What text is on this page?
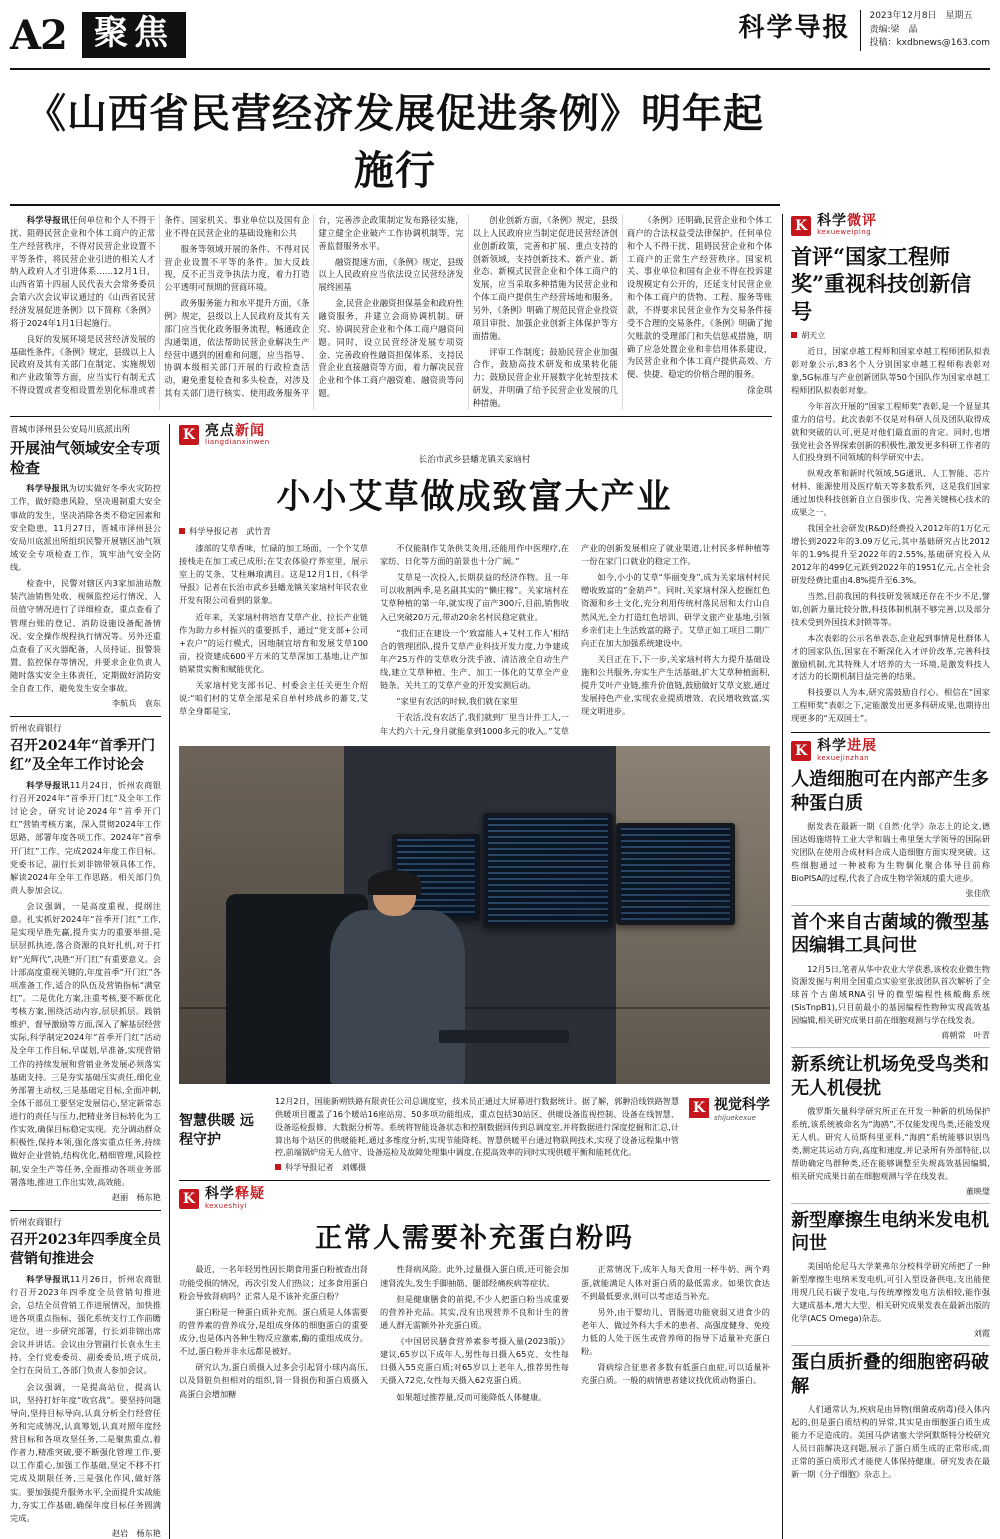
A2 聚焦	科学导报 2023年12月8日　星期五
责编:梁　晶
投稿：kxdbnews@163.com
《山西省民营经济发展促进条例》明年起施行

科学导报讯任何单位和个人不得干扰、阻碍民营企业和个体工商户的正常生产经营秩序，不得对民营企业设置不平等条件，将民营企业引进的相关人才纳入政府人才引进体系……12月1日，山西省第十四届人民代表大会常务委员会第六次会议审议通过的《山西省民营经济发展促进条例》以下简称《条例》将于2024年1月1日起施行。

良好的发展环境是民营经济发展的基础性条件。《条例》规定，县级以上人民政府及其有关部门在制定、实施规划和产业政策等方面，应当实行有制无式不得设置或者变相设置差别化标准或者条件。国家机关、事业单位以及国有企业不得在民营企业的基础设施和公共

服务等领域开展的条件、不得对民营企业设置不平等的条件。加大反歧视，反不正当竞争执法力度，着力打造公平透明可预期的营商环境。

政务服务能力和水平提升方面，《条例》规定，县级以上人民政府及其有关部门应当优化政务服务流程，畅通政企沟通渠道，依法帮助民营企业解决生产经营中遇到的困难和问题，应当指导、协调本级相关部门开展的行政检查活动，避免重复检查和多头检查，对涉及其有关部门进行核实、使用政务服务平台，完善涉企政策制定发布路径实施，建立健全企业破产工作协调机制等，完善监督服务水平。

融资提速方面，《条例》规定，县级以上人民政府应当依法设立民营经济发展终困基

金,民营企业融资担保基金和政府性融资服务，并建立会商协调机制。研究、协调民营企业和个体工商户融资问题。同时，设立民营经济发展专项资金、完善政府性融资担保体系、支持民营企业直接融资等方面，着力解决民营企业和个体工商户融资难、融资贵等问题。

创业创新方面，《条例》规定，县级以上人民政府应当制定促进民营经济创业创新政策，完善和扩展、重点支持的创新领域，支持创新技术、新产业、新业态、新模式民营企业和个体工商户的发展，应当采取多种措施为民营企业和个体工商户提供生产经营场地和服务。另外，《条例》明确了规范民营企业投资项目审批、加强企业创新主体保护等方面措施。

评审工作制度；鼓励民营企业加强合作，鼓励高技术研发和成果转化能力；鼓励民营企业开展数字化转型技术研发，并明确了给予民营企业发展的几种措施。

《条例》还明确,民营企业和个体工商户的合法权益受法律保护。任何单位和个人不得干扰、阻碍民营企业和个体工商户的正常生产经营秩序。国家机关、事业单位和国有企业不得在投诉建设规模定有公开的，还延支付民营企业和个体工商户的货物、工程、服务等账款，不得要求民营企业作为交易条件接受不合理的交易条件。《条例》明确了抛欠账款的受理部门和失信惩戒措施，明确了应急处置企业和非信用体系建设，为民营企业和个体工商户提供高效、方便、快捷、稳定的价格合理的服务。

徐金琪

晋城市泽州县公安局川底派出所
开展油气领域安全专项检查

科学导报讯为切实做好冬季火灾防控工作，做好隐患风险，坚决遏制重大安全事故的发生，坚决消除各类不稳定因素和安全隐患，11月27日，晋城市泽州县公安局川底派出所组织民警开展辖区油气领域安全专项检查工作，筑牢油气安全防线。

检查中，民警对辖区内3家加油站散装汽油销售处收、视频监控运行情况、人员值守情况进行了详细检查，重点查看了管理台账的登记、消防设施设备配备情况、安全操作规程执行情况等。另外还重点查看了灭火器配备，人员持证、报警装置、监控保存等情况，并要求企业负责人随时落实安全主体责任，定期做好消防安全自查工作，避免发生安全事故。

李航兵　袁东
忻州农商银行
召开2024年“首季开门红”及全年工作讨论会

科学导报讯11月24日，忻州农商银行召开2024年“首季开门红”及全年工作讨论会，研究讨论2024年“首季开门红”营销考核方案，深入贯彻2024年工作思路，部署年度各项工作。2024年“首季开门红”工作、完成2024年度工作目标。党委书记、副行长刘非锦带领具体工作，解读2024年全年工作思路。相关部门负责人参加会议。

会议强调，一是高度重视，提纲注意。扎实抓好2024年“首季开门红”工作,是实现早胜先赢,提升实力的重要举措,是层层抓执迹,落合资源的良好扎机,对于打好“光辉代”,决胜“开门红”有重要意义。会计部高度重视关键的,年度首季“开门红”各项准备工作,适合的队伍及营销指标“满堂红”。二是优化方案,注重考核,要不断优化考核方案,围绕活动内容,层层抓层。践销维护、督导激励等方面,深入了解基层经营实际,科学制定2024年“首季开门红”活动及全年工作目标,早谋划,早准备,实现营销工作的持续发展和营销业务发展必须落实基础支持。三是夯实基础压实责任,细化业务部署主动权,三是基础定目标,全面冲刺,全体干部员工要坚定发展信心,坚定新常态进行的责任与压力,把精业务目标转化为工作实效,确保目标稳定实现。充分调动群众积极性,保持本领,强化落实重点任务,持续做好企业营销,结构优化,精细管理,风险控制,安全生产等任务,全面推动各项业务部署落地,推进工作出实效,高效能。

赵丽　杨东艳
忻州农商银行
召开2023年四季度全员营销旬推进会

科学导报讯11月26日，忻州农商银行召开2023年四季度全员营销旬推进会，总结全员营销工作进展情况，加快推进各项重点指标，强化系统支行工作前瞻定位，进一步研究部署，行长刘非锦出席会议并讲话。会议由分管副行长袁永生主持。全行党委委员、副委委员,班子成员,全行在岗员工,各部门负责人参加会议。

会议强调，一是提高站位，提高认识，坚持打好年度“收官战”。要坚持问题导向,坚持目标导向,认真分析全行经营任务和完成情况,认真筹划,认真对照年度经营目标和各项攻坚任务,二是聚焦重点,着作者力,精准突破,要不断强化管理工作,要以工作重心,加强工作基础,坚定不移不打完成及期限任务,三是强化作风,做好落实。要加强提升服务水平,全面提升实战能力,夯实工作基础,确保年度目标任务圆满完成。

赵岩　杨东艳
K 亮点新闻
liangdianxinwen
长治市武乡县蟠龙镇关家垴村
小小艾草做成致富大产业
科学导报记者　武竹青

漆部的艾草香味，忙碌的加工场面，一个个艾草接栈走在加工或已成形;在艾农体验疗养室里，展示室上的艾条、艾柱琳琅满目。这是12月1日,《科学导报》记者在长治市武乡县蟠龙镇关家垴村年民农业开发有限公司看到的景象。

近年来，关家垴村将培育艾草产业、拉长产业链作为助力乡村振兴的重要抓手，通过“党支部+公司+农户”的运行模式，因地制宜培育和发展艾草100亩，投资建成600平方米的艾草深加工基地,让产加销紧贯实衡和赋能优化。

关家垴村党支部书记、村委会主任关更生介绍说:“咱们村的艾草全部是采自单村珍战乡的蕃艾,艾草全身都是宝,

不仅能制作艾条供艾灸用,还能用作中医理疗,在家纺、日化等方面的前景也十分广阔。”

艾草是一次投入,长期获益的经济作物。且一年可以收割两季,是名副其实的“懒庄稼”。关家垴村在艾草种植的第一年,就实现了亩产300斤,目前,销售收入已突破20万元,带动20余名村民稳定就业。

“我们正在建设一个‘致富能人+艾村工作人’相结合的管理团队,提升艾草产业科技开发力度,力争建成年产25万件的艾草收分洗手液、清洁液全自动生产线,建立艾草种植、生产、加工一体化的艾草全产业链条。关共工的艾草产业的开发实测后动。

“家里有农活的时候,我们就在家里

干农活,没有农活了,我们就到厂里当计件工人,一年大约六十元,身月就能拿到1000多元的收入。”艾草产业的创新发展相应了就业渠道,让村民多样种植等一份在家门口就业的稳定工作。

如今,小小的艾草“华丽变身”,成为关家垴村村民赠收致富的“金葫芦”。同时,关家垴村深入挖掘红色资源和乡土文化,充分利用传统村落民居和太行山自然风光,全力打造红色培训、研学文旅产业基地,引领乡亲们走上生活致富的路子。艾草正如工项目二期广向正在加大加强系统建设中。

关目正在下,下一步,关家垴村将大力提升基础设施和公共服务,夯实生产生活基础,扩大艾草种植面积,提升艾叶产业链,推升价值链,鼓励做好艾草文旅,通过发展持色产业,实现农业提质增效、农民增收致富,实现文明进步。

智慧供暖 远程守护
12月2日，国能新朔铁路有限责任公司总调度室，技术员正通过大屏幕进行数据统计。据了解，郭翀沿线铁路智慧供暖项目覆盖了16个暖站16座站房、50多项功能组成，重点包括30站区、供暖设备监视控制、设备在线智慧、设备巡检报修、大数据分析等。系统将智能设备状态和控制数据回传到总调度室,并将数据进行深度挖掘和汇总,计算出每个站区的供暖能耗,通过多维度分析,实现节能降耗。智慧供暖平台通过物联网技术,实现了设备远程集中管控,前端锅炉房无人值守、设备巡检及故障处理集中调度,在提高效率的同时实现供暖平衡和能耗优化。
科学导报记者　刘娜摄
K 视觉科学
shijuekexue
K 科学释疑
kexueshiyi
正常人需要补充蛋白粉吗

最近，一名年轻男性因长期食用蛋白粉被查出肾功能受损的情况，再次引发人们热议；过多食用蛋白粉会导致肾病吗？正常人是不该补充蛋白粉？

蛋白粉是一种蛋白质补充剂。蛋白质是人体需要的营养素的营养成分,是组成身体的细胞蛋白的重要成分,也是体内各种生物反应激素,酶的重组成成分。不过,蛋白粉并非永远都是被好。

研究认为,蛋白质摄入过多会引起肾小球内高压,以及肾脏负担相对的组织,肾一肾损伤和蛋白质摄入高蛋白会增加糖

性肾病风险。此外,过量摄入蛋白质,还可能会加速肾流失,发生手脚抽筋、腿部经痛疾病等症状。

但是健康膳食的前提,不少人把蛋白粉当成重要的营养补充品。其实,没有出现营养不良和计生的普通人群无需额外补充蛋白质。

《中国居民膳食营养素参考摄入量(2023版)》建议,65岁以下成年人,男性每日摄入65克、女性每日摄入55克蛋白质;对65岁以上老年人,推荐男性每天摄入72克,女性每天摄入62克蛋白质。

如果超过推荐量,反而可能降低人体健康。

正常情况下,成年人每天食用一杯牛奶、两个鸡蛋,就能满足人体对蛋白质的最低需求。如果饮食达不到最低要求,则可以考虑适当补充。

另外,由于婴幼儿、胃肠道功能衰弱又进食少的老年人、做过外科大手术的患者、高强度健身、免疫力低的人处于医生或营养师的指导下适量补充蛋白粉。

肾病综合征患者多数有低蛋白血症,可以适量补充蛋白质。一般的病情患者建议找优质动物蛋白。

K 科学微评
kexueweiping
首评“国家工程师奖”重视科技创新信号
胡天立

近日，国家卓越工程师和国家卓越工程师团队拟表彰对象公示,83名个人分别国家卓越工程师称表彰对象,5G标准与产业创新团队等50个国队作为国家卓越工程师团队拟表彰对象。

今年首次开展的“国家工程师奖”表彰,是一个显显其重力的信号。此次表彰不仅是对科研人员及团队取得成就和突破的认可,更是对他们最直面的肯定。同时,也增强党社会各界探索创新的积极性,激发更多科研工作者的人们投身到不同领域的科学研究中去。

纵观改革和新时代领域,5G通讯、人工智能、芯片材料、能源使用及医疗航天等多数系列，这是我们国家通过加快科技创新自立自强步伐、完善关键核心技术的成果之一。

我国全社会研发(R&D)经费投入2012年的1万亿元增长到2022年的3.09万亿元,其中基础研究占比2012年的1.9%提升至2022年的2.55%,基础研究投入从2012年的499亿元跃到2022年的1951亿元,占全社会研发经费比重由4.8%提升至6.3%。

当然,目前我国的科技研发领域还存在不少不足,譬如,创新力量比较分散,科技体制机制不够完善,以及部分技术受到外国技术封锁等等。

本次表彰的公示名单表态,企业起到事情是杜群体人才的国家队伍,国家在不断深化入才评价改革,完善科技激励机制,尤其特殊人才培养的大一环境,是激发科技人才活力的长期机制目益完善的结果。

科技要以人为本,研究需鼓励自行心。相信在“国家工程师奖”表彰之下,定能激发出更多科研成果,也期待出现更多的“无双国士”。

K 科学进展
kexuejinzhan
人造细胞可在内部产生多种蛋白质

据发表在最新一期《自然·化学》杂志上的论文,德国达姆施塔特工业大学和瑞士弗里堡大学领导的国际研究团队在使用合成材料合成人造细胞方面实现突破。这些细胞通过一种被称为生物偶化聚合体导目前称BioPISA的过程,代表了合成生物学领域的重大进步。

张佳欣
首个来自古菌域的微型基因编辑工具问世

12月5日,笔者从华中农业大学获悉,该校农业微生物资源发掘与利用全国重点实验室张波团队首次解析了全球首个古菌域RNA引导的微型编程性核酸酶系统(SisTnpB1),只目前最小的基因编程性物种实现高效基因编辑,相关研究成果日前在细胞观测与学在线发表。

蒋朝常　叶青
新系统让机场免受鸟类和无人机侵扰

俄罗斯矢量科学研究所正在开发一种新的机场保护系统,该系统被命名为“海鸥”,不仅能发现鸟类,还能发现无人机。研究人员斯科里亚科,“海鸥”系统能够识别鸟类,测定其运动方向,高度和速度,并记录所有外部特征,以帮助确定鸟群种类,还在能够调整至失规高效基因编辑,相关研究成果日前在细胞观测与学在线发表。

董映璧
新型摩擦生电纳米发电机问世

美国哈伦尼马大学莱弗尔分校科学研究所把了一种新型摩擦生电纳米发电机,可引入型设备供电,支出能使用现几民石碳子发电,与传统摩擦发电方法相较,能作强大建成基本,增大大型、相关研究成果发表在最新出版的化学(ACS Omega)杂志。

刘霞
蛋白质折叠的细胞密码破解

人们通常认为,疾病是由异物(细菌或病毒)侵入体内起的,但是蛋白质结构的异常,其实是由细胞蛋白质生成能力不足造成的。美国马萨诸塞大学阿默斯特分校研究人员日前解决这问题,展示了蛋白质生成的正常形成,而正常的蛋白质形式才能使人体保持健康。研究发表在最新一期《分子细胞》杂志上。
